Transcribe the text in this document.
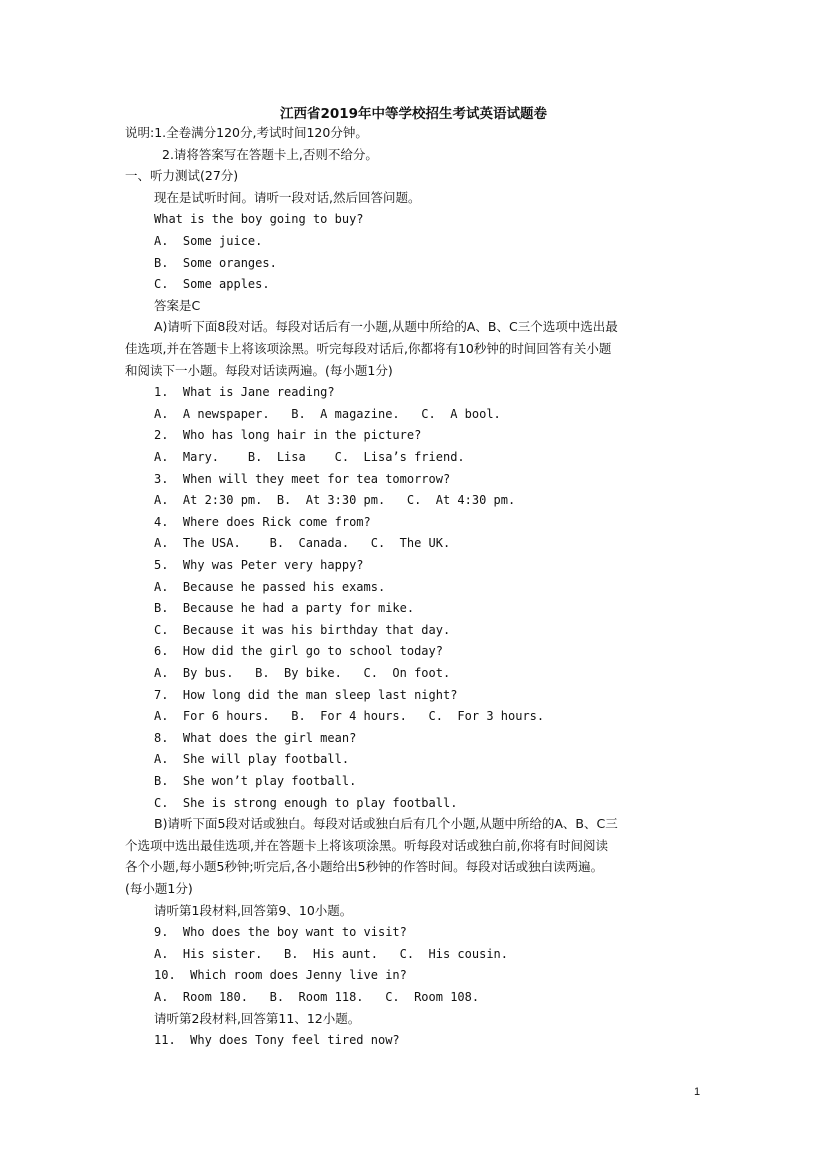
江西省2019年中等学校招生考试英语试题卷
说明:1.全卷满分120分,考试时间120分钟。
2.请将答案写在答题卡上,否则不给分。
一、听力测试(27分)
现在是试听时间。请听一段对话,然后回答问题。
What is the boy going to buy?
A.  Some juice.
B.  Some oranges.
C.  Some apples.
答案是C
A)请听下面8段对话。每段对话后有一小题,从题中所给的A、B、C三个选项中选出最
佳选项,并在答题卡上将该项涂黑。听完每段对话后,你都将有10秒钟的时间回答有关小题
和阅读下一小题。每段对话读两遍。(每小题1分)
1.  What is Jane reading?
A.  A newspaper.   B.  A magazine.   C.  A bool.
2.  Who has long hair in the picture?
A.  Mary.    B.  Lisa    C.  Lisa’s friend.
3.  When will they meet for tea tomorrow?
A.  At 2:30 pm.  B.  At 3:30 pm.   C.  At 4:30 pm.
4.  Where does Rick come from?
A.  The USA.    B.  Canada.   C.  The UK.
5.  Why was Peter very happy?
A.  Because he passed his exams.
B.  Because he had a party for mike.
C.  Because it was his birthday that day.
6.  How did the girl go to school today?
A.  By bus.   B.  By bike.   C.  On foot.
7.  How long did the man sleep last night?
A.  For 6 hours.   B.  For 4 hours.   C.  For 3 hours.
8.  What does the girl mean?
A.  She will play football.
B.  She won’t play football.
C.  She is strong enough to play football.
B)请听下面5段对话或独白。每段对话或独白后有几个小题,从题中所给的A、B、C三
个选项中选出最佳选项,并在答题卡上将该项涂黑。听每段对话或独白前,你将有时间阅读
各个小题,每小题5秒钟;听完后,各小题给出5秒钟的作答时间。每段对话或独白读两遍。
(每小题1分)
请听第1段材料,回答第9、10小题。
9.  Who does the boy want to visit?
A.  His sister.   B.  His aunt.   C.  His cousin.
10.  Which room does Jenny live in?
A.  Room 180.   B.  Room 118.   C.  Room 108.
请听第2段材料,回答第11、12小题。
11.  Why does Tony feel tired now?
1
